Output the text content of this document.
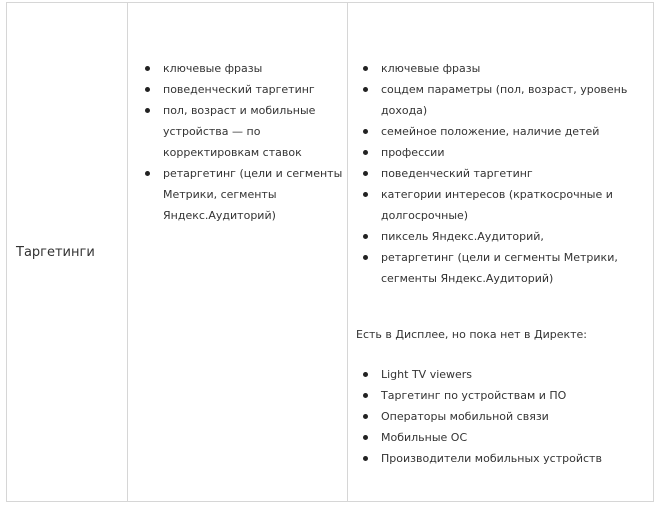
Таргетинги
ключевые фразы
поведенческий таргетинг
пол, возраст и мобильные устройства — по корректировкам ставок
ретаргетинг (цели и сегменты Метрики, сегменты Яндекс.Аудиторий)
ключевые фразы
соцдем параметры (пол, возраст, уровень дохода)
семейное положение, наличие детей
профессии
поведенческий таргетинг
категории интересов (краткосрочные и долгосрочные)
пиксель Яндекс.Аудиторий,
ретаргетинг (цели и сегменты Метрики, сегменты Яндекс.Аудиторий)
Есть в Дисплее, но пока нет в Директе:
Light TV viewers
Таргетинг по устройствам и ПО
Операторы мобильной связи
Мобильные ОС
Производители мобильных устройств
